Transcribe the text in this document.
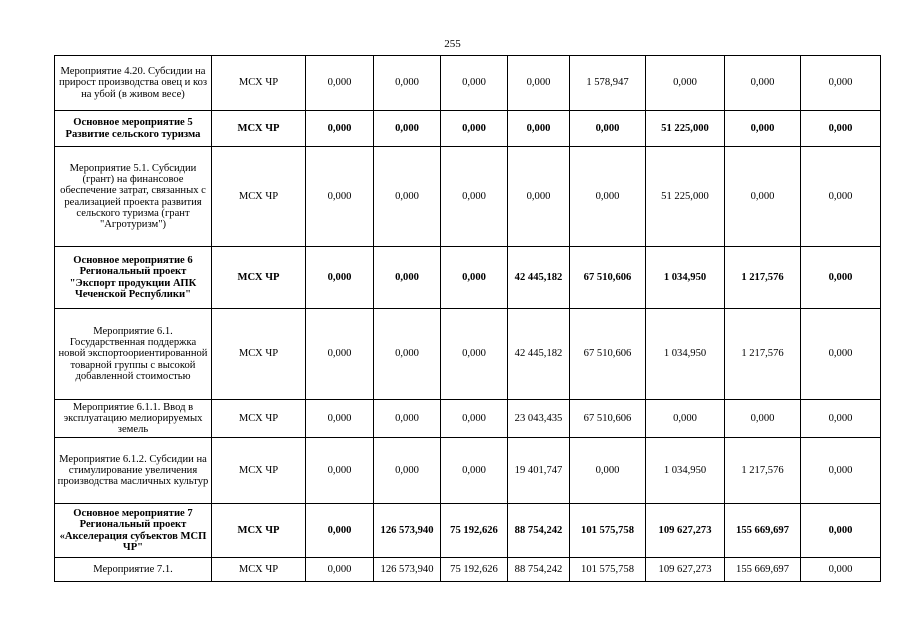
255
Мероприятие 4.20. Субсидии на прирост производства овец и коз на убой (в живом весе)	МСХ ЧР	0,000	0,000	0,000	0,000	1 578,947	0,000	0,000	0,000
Основное мероприятие 5 Развитие сельского туризма	МСХ ЧР	0,000	0,000	0,000	0,000	0,000	51 225,000	0,000	0,000
Мероприятие 5.1. Субсидии (грант) на финансовое обеспечение затрат, связанных с реализацией проекта развития сельского туризма (грант "Агротуризм")	МСХ ЧР	0,000	0,000	0,000	0,000	0,000	51 225,000	0,000	0,000
Основное мероприятие 6 Региональный проект "Экспорт продукции АПК Чеченской Республики"	МСХ ЧР	0,000	0,000	0,000	42 445,182	67 510,606	1 034,950	1 217,576	0,000
Мероприятие 6.1. Государственная поддержка новой экспортоориентированной товарной группы с высокой добавленной стоимостью	МСХ ЧР	0,000	0,000	0,000	42 445,182	67 510,606	1 034,950	1 217,576	0,000
Мероприятие 6.1.1. Ввод в эксплуатацию мелиорируемых земель	МСХ ЧР	0,000	0,000	0,000	23 043,435	67 510,606	0,000	0,000	0,000
Мероприятие 6.1.2. Субсидии на стимулирование увеличения производства масличных культур	МСХ ЧР	0,000	0,000	0,000	19 401,747	0,000	1 034,950	1 217,576	0,000
Основное мероприятие 7 Региональный проект «Акселерация субъектов МСП ЧР"	МСХ ЧР	0,000	126 573,940	75 192,626	88 754,242	101 575,758	109 627,273	155 669,697	0,000
Мероприятие 7.1.	МСХ ЧР	0,000	126 573,940	75 192,626	88 754,242	101 575,758	109 627,273	155 669,697	0,000
